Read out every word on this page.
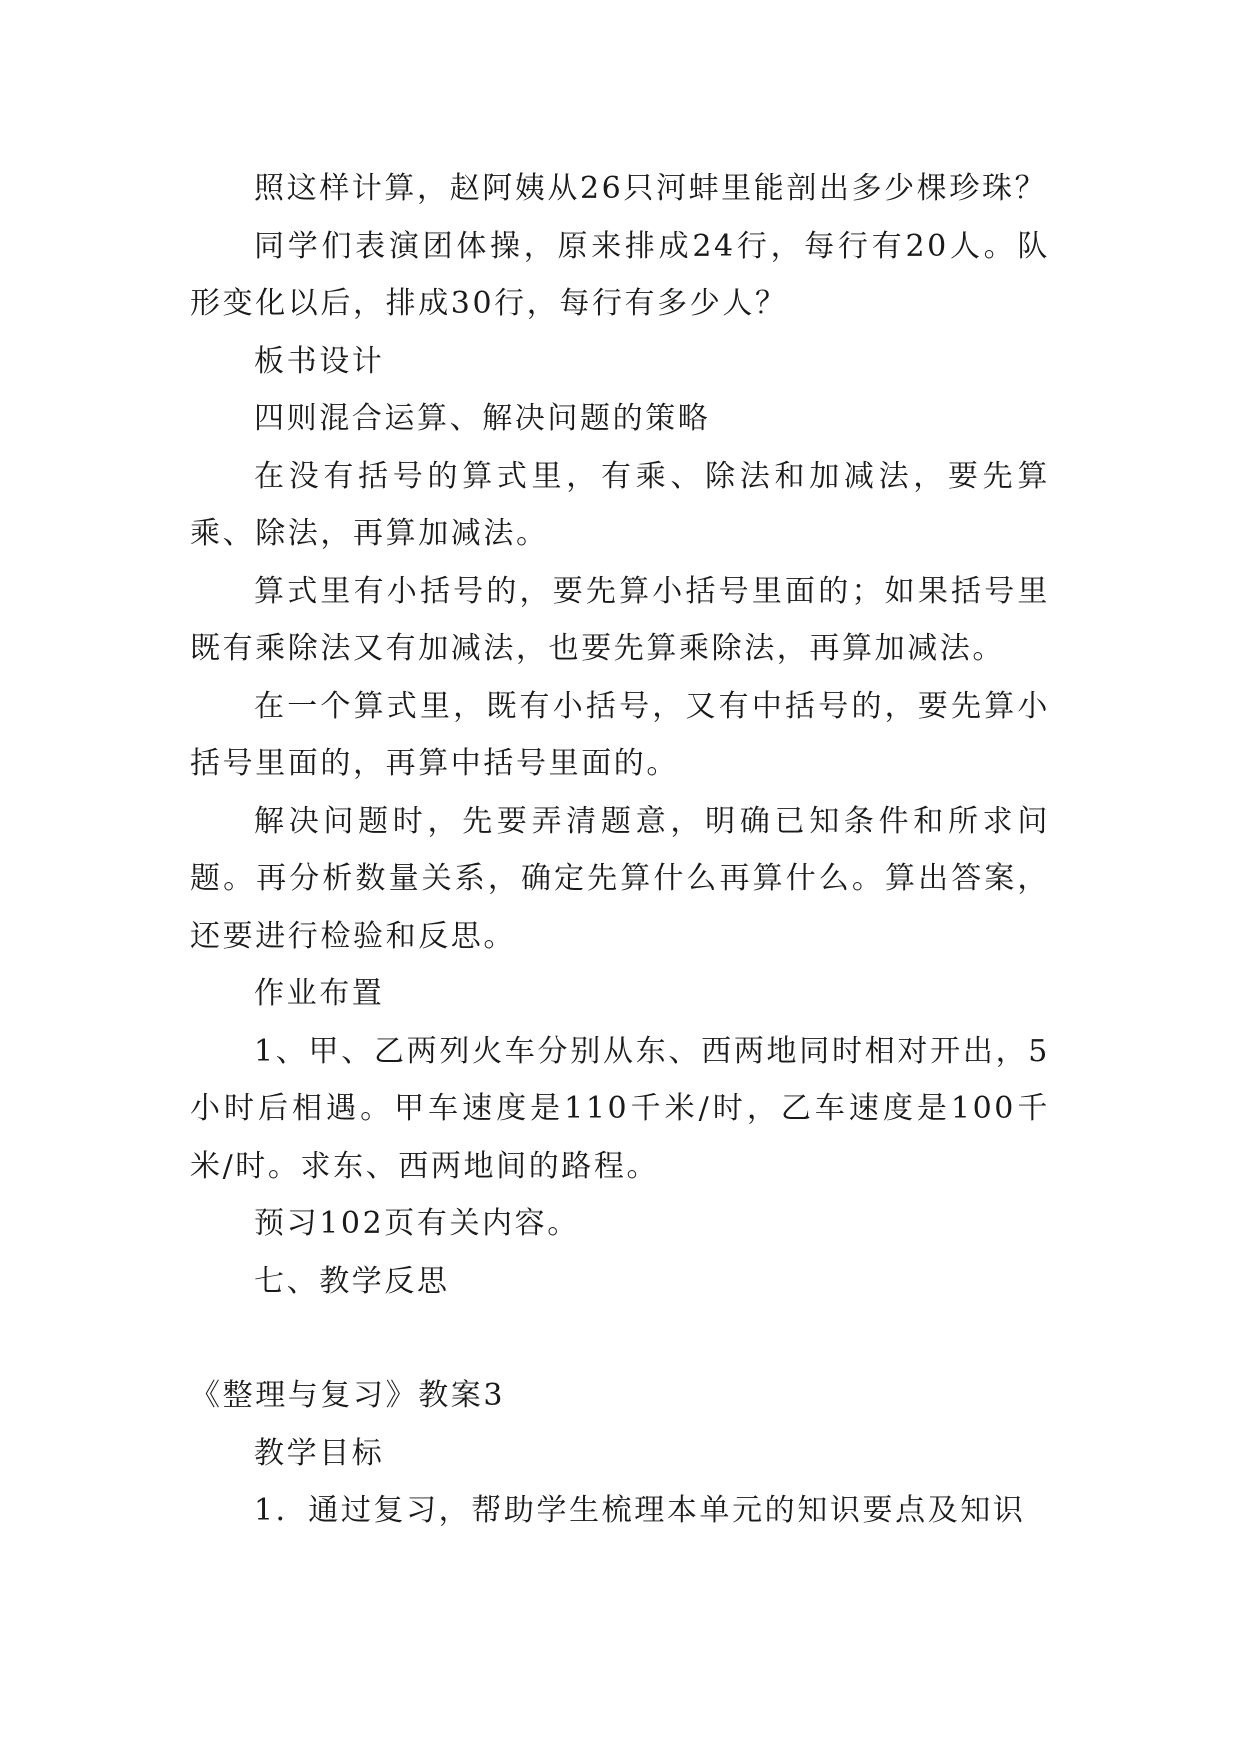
照这样计算，赵阿姨从26只河蚌里能剖出多少棵珍珠？

同学们表演团体操，原来排成24行，每行有20人。队形变化以后，排成30行，每行有多少人？

板书设计

四则混合运算、解决问题的策略

在没有括号的算式里，有乘、除法和加减法，要先算乘、除法，再算加减法。

算式里有小括号的，要先算小括号里面的；如果括号里既有乘除法又有加减法，也要先算乘除法，再算加减法。

在一个算式里，既有小括号，又有中括号的，要先算小括号里面的，再算中括号里面的。

解决问题时，先要弄清题意，明确已知条件和所求问题。再分析数量关系，确定先算什么再算什么。算出答案，还要进行检验和反思。

作业布置

1、甲、乙两列火车分别从东、西两地同时相对开出，5小时后相遇。甲车速度是110千米/时，乙车速度是100千米/时。求东、西两地间的路程。

预习102页有关内容。

七、教学反思

《整理与复习》教案3

教学目标

1．通过复习，帮助学生梳理本单元的知识要点及知识
